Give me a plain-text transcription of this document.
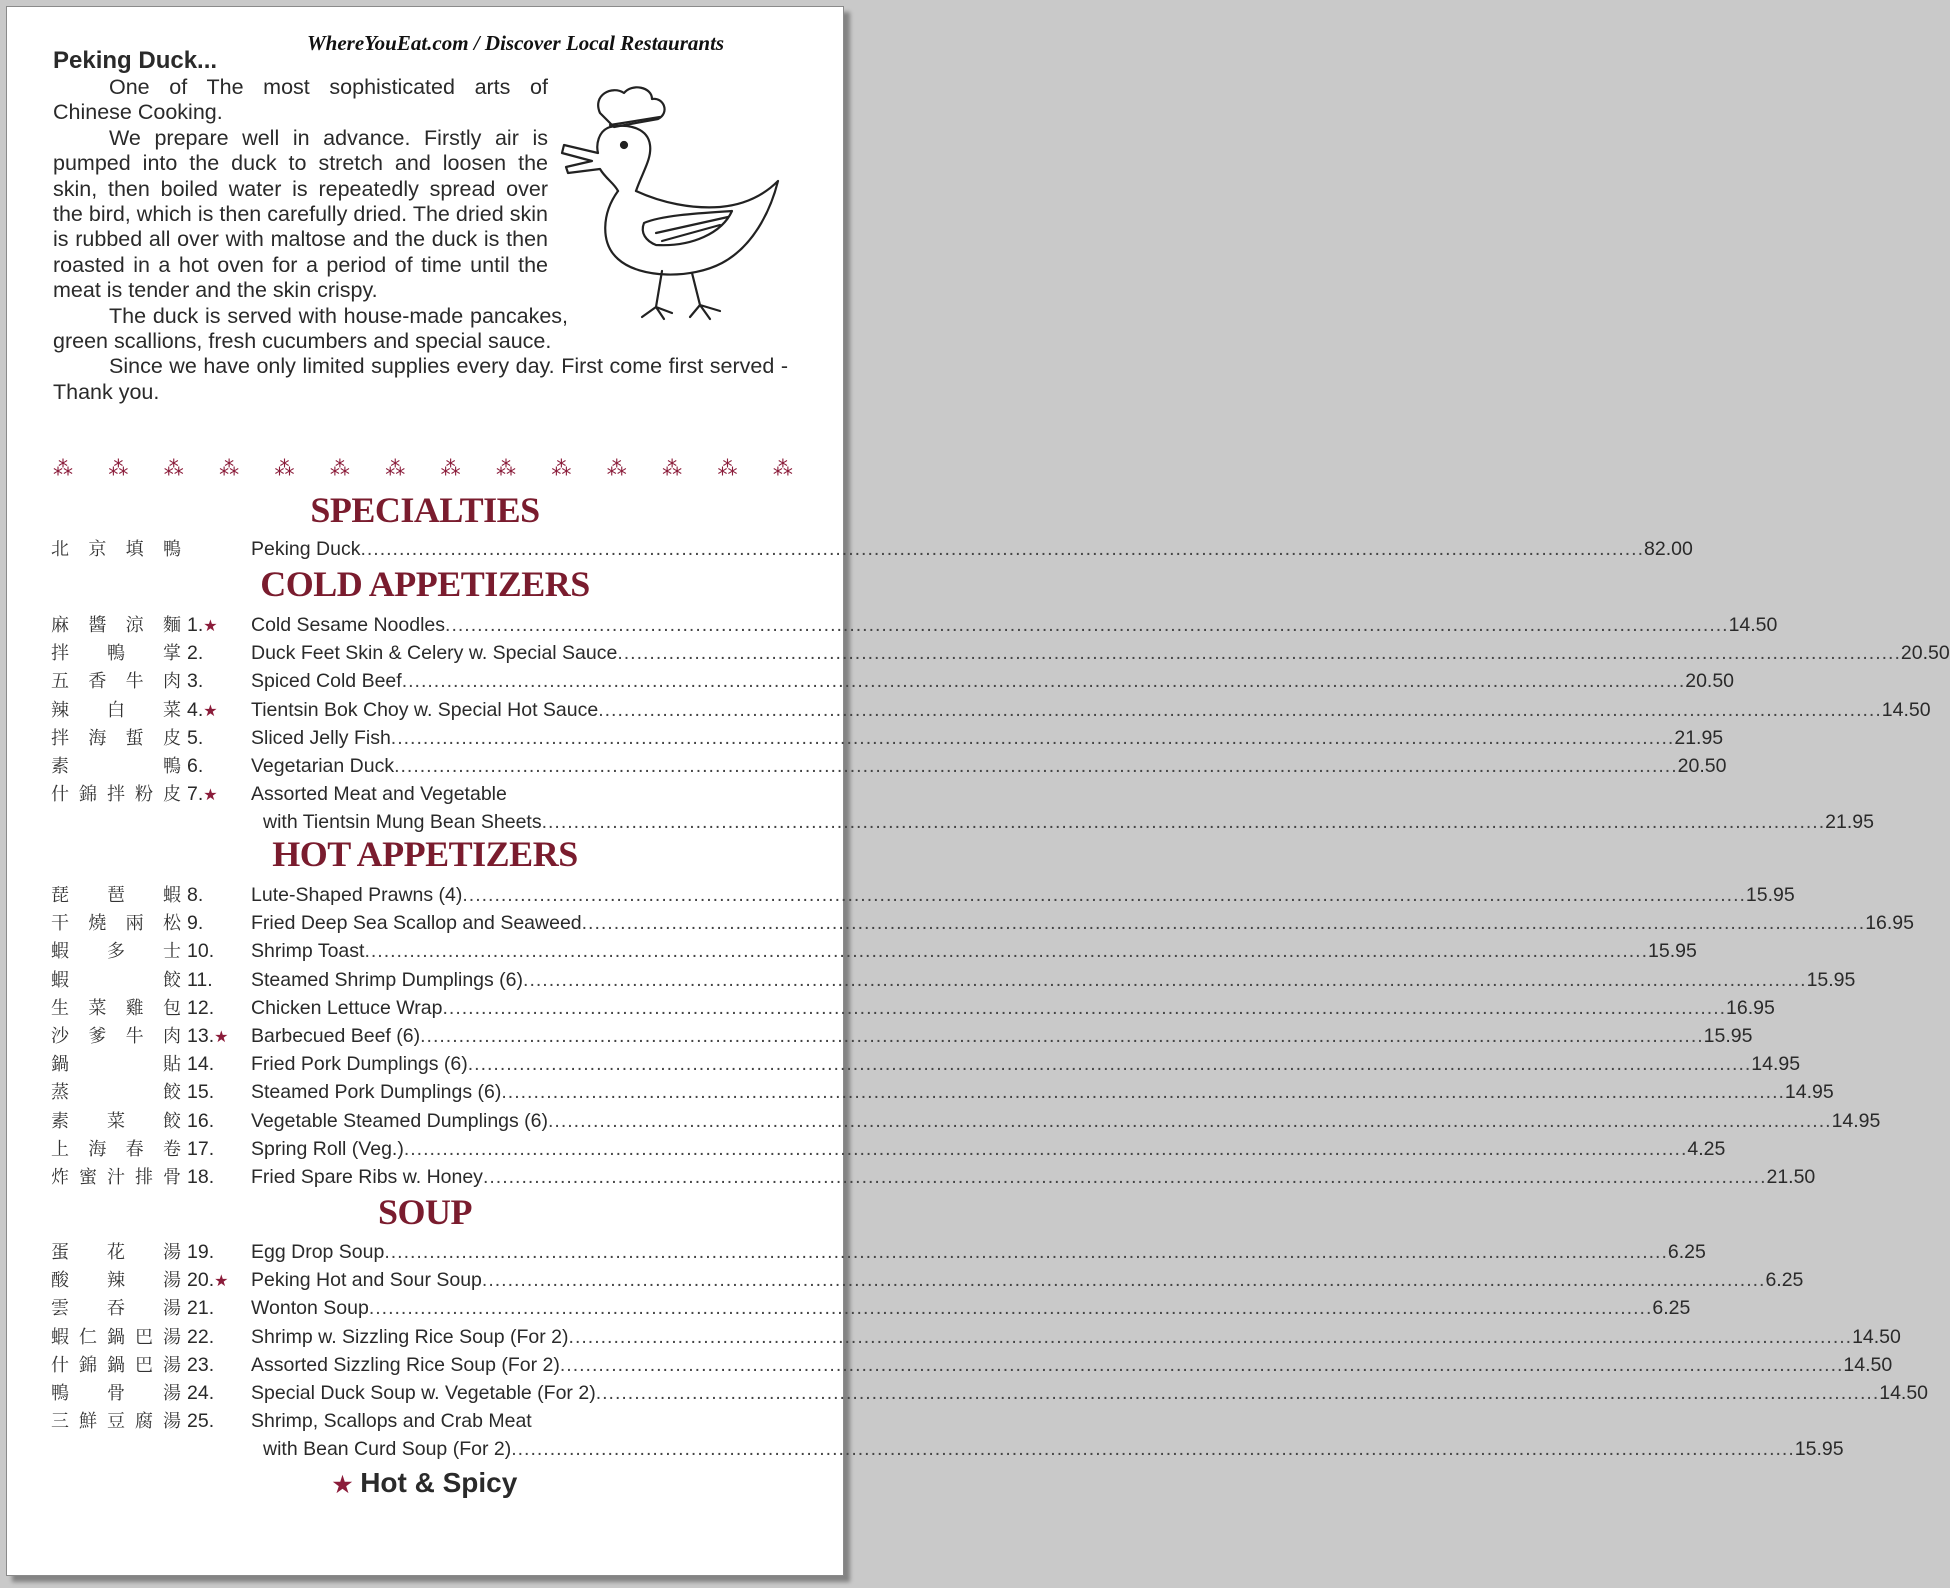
WhereYouEat.com / Discover Local Restaurants
Peking Duck...

One of The most sophisticated arts of Chinese Cooking.

We prepare well in advance. Firstly air is pumped into the duck to stretch and loosen the skin, then boiled water is repeatedly spread over the bird, which is then carefully dried. The dried skin is rubbed all over with maltose and the duck is then roasted in a hot oven for a period of time until the meat is tender and the skin crispy.

The duck is served with house-made pancakes, green scallions, fresh cucumbers and special sauce.

Since we have only limited supplies every day. First come first served - Thank you.

⁂ ⁂ ⁂ ⁂ ⁂ ⁂ ⁂ ⁂ ⁂ ⁂ ⁂ ⁂ ⁂ ⁂
SPECIALTIES
北 京 填 鴨	Peking Duck ........................................................................................................................................................................................................ 82.00
COLD APPETIZERS
麻 醬 涼 麵 1.★	Cold Sesame Noodles ........................................................................................................................................................................................................ 14.50
拌 鴨 掌 2.	Duck Feet Skin & Celery w. Special Sauce ........................................................................................................................................................................................................ 20.50
五 香 牛 肉 3.	Spiced Cold Beef ........................................................................................................................................................................................................ 20.50
辣 白 菜 4.★	Tientsin Bok Choy w. Special Hot Sauce ........................................................................................................................................................................................................ 14.50
拌 海 蜇 皮 5.	Sliced Jelly Fish ........................................................................................................................................................................................................ 21.95
素	鴨 6.	Vegetarian Duck ........................................................................................................................................................................................................ 20.50
什 錦 拌 粉 皮 7.★	Assorted Meat and Vegetable
with Tientsin Mung Bean Sheets ........................................................................................................................................................................................................ 21.95
HOT APPETIZERS
琵 琶 蝦 8.	Lute-Shaped Prawns (4) ........................................................................................................................................................................................................ 15.95
干 燒 兩 松 9.	Fried Deep Sea Scallop and Seaweed ........................................................................................................................................................................................................ 16.95
蝦 多 士 10.	Shrimp Toast ........................................................................................................................................................................................................ 15.95
蝦	餃 11.	Steamed Shrimp Dumplings (6) ........................................................................................................................................................................................................ 15.95
生 菜 雞 包 12.	Chicken Lettuce Wrap ........................................................................................................................................................................................................ 16.95
沙 爹 牛 肉 13.★ Barbecued Beef (6) ........................................................................................................................................................................................................ 15.95
鍋	貼 14.	Fried Pork Dumplings (6) ........................................................................................................................................................................................................ 14.95
蒸	餃 15.	Steamed Pork Dumplings (6) ........................................................................................................................................................................................................ 14.95
素 菜 餃 16.	Vegetable Steamed Dumplings (6) ........................................................................................................................................................................................................ 14.95
上 海 春 卷 17.	Spring Roll (Veg.) ........................................................................................................................................................................................................ 4.25
炸 蜜 汁 排 骨 18.	Fried Spare Ribs w. Honey ........................................................................................................................................................................................................ 21.50
SOUP
蛋 花 湯 19.	Egg Drop Soup ........................................................................................................................................................................................................ 6.25
酸 辣 湯 20.★ Peking Hot and Sour Soup ........................................................................................................................................................................................................ 6.25
雲 吞 湯 21.	Wonton Soup ........................................................................................................................................................................................................ 6.25
蝦 仁 鍋 巴 湯 22.	Shrimp w. Sizzling Rice Soup (For 2) ........................................................................................................................................................................................................ 14.50
什 錦 鍋 巴 湯 23.	Assorted Sizzling Rice Soup (For 2) ........................................................................................................................................................................................................ 14.50
鴨 骨 湯 24.	Special Duck Soup w. Vegetable (For 2) ........................................................................................................................................................................................................ 14.50
三 鮮 豆 腐 湯 25.	Shrimp, Scallops and Crab Meat
with Bean Curd Soup (For 2) ........................................................................................................................................................................................................ 15.95
★ Hot & Spicy
